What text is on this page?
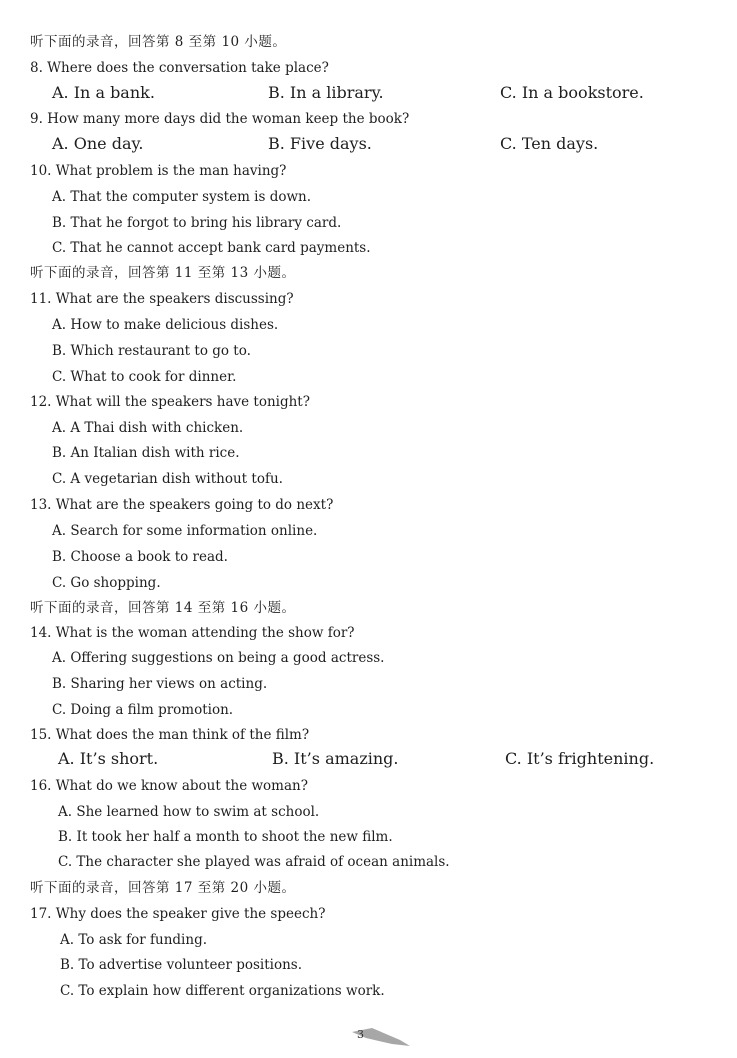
听下面的录音，回答第 8 至第 10 小题。
8. Where does the conversation take place?
A. In a bank.	B. In a library.	C. In a bookstore.
9. How many more days did the woman keep the book?
A. One day.	B. Five days.	C. Ten days.
10. What problem is the man having?
A. That the computer system is down.
B. That he forgot to bring his library card.
C. That he cannot accept bank card payments.
听下面的录音，回答第 11 至第 13 小题。
11. What are the speakers discussing?
A. How to make delicious dishes.
B. Which restaurant to go to.
C. What to cook for dinner.
12. What will the speakers have tonight?
A. A Thai dish with chicken.
B. An Italian dish with rice.
C. A vegetarian dish without tofu.
13. What are the speakers going to do next?
A. Search for some information online.
B. Choose a book to read.
C. Go shopping.
听下面的录音，回答第 14 至第 16 小题。
14. What is the woman attending the show for?
A. Offering suggestions on being a good actress.
B. Sharing her views on acting.
C. Doing a film promotion.
15. What does the man think of the film?
A. It’s short.	B. It’s amazing.	C. It’s frightening.
16. What do we know about the woman?
A. She learned how to swim at school.
B. It took her half a month to shoot the new film.
C. The character she played was afraid of ocean animals.
听下面的录音，回答第 17 至第 20 小题。
17. Why does the speaker give the speech?
A. To ask for funding.
B. To advertise volunteer positions.
C. To explain how different organizations work.
3
